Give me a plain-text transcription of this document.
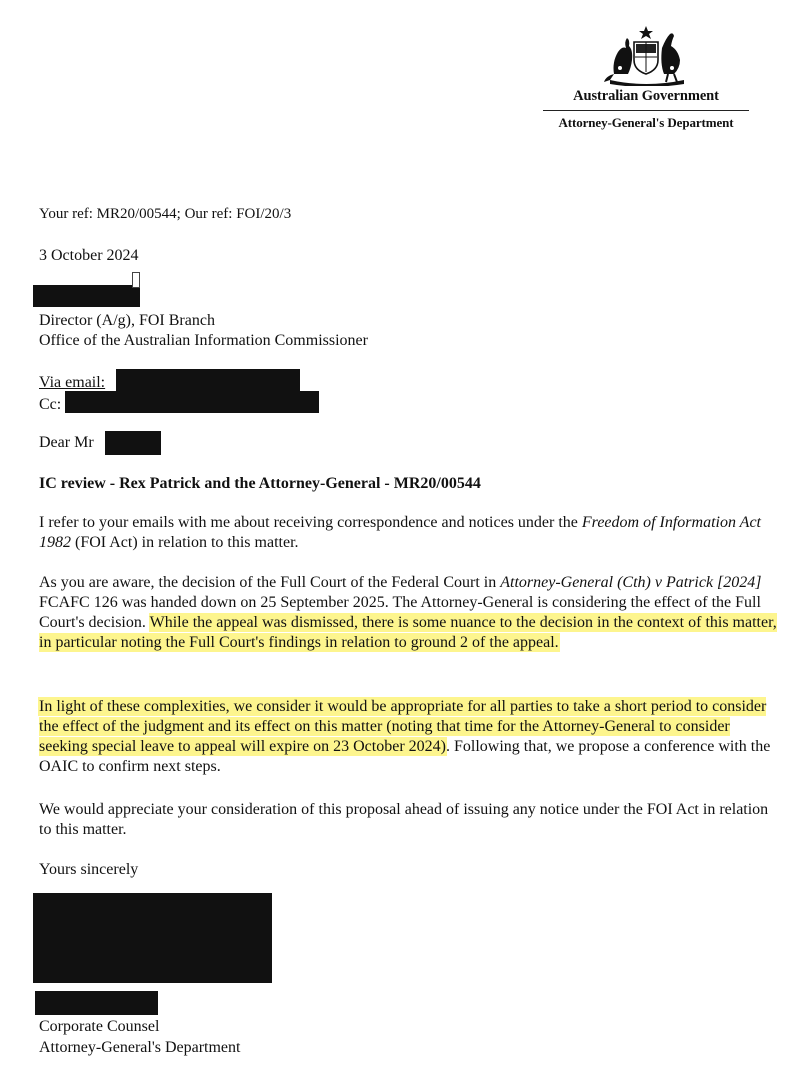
Australian Government
Attorney-General's Department
Your ref: MR20/00544; Our ref: FOI/20/3
3 October 2024
Director (A/g), FOI Branch
Office of the Australian Information Commissioner
Via email:
Cc:
Dear Mr
IC review - Rex Patrick and the Attorney-General - MR20/00544
I refer to your emails with me about receiving correspondence and notices under the Freedom of Information Act 1982 (FOI Act) in relation to this matter.
As you are aware, the decision of the Full Court of the Federal Court in Attorney-General (Cth) v Patrick [2024] FCAFC 126 was handed down on 25 September 2025. The Attorney-General is considering the effect of the Full Court's decision. While the appeal was dismissed, there is some nuance to the decision in the context of this matter, in particular noting the Full Court's findings in relation to ground 2 of the appeal.
In light of these complexities, we consider it would be appropriate for all parties to take a short period to consider the effect of the judgment and its effect on this matter (noting that time for the Attorney-General to consider seeking special leave to appeal will expire on 23 October 2024). Following that, we propose a conference with the OAIC to confirm next steps.
We would appreciate your consideration of this proposal ahead of issuing any notice under the FOI Act in relation to this matter.
Yours sincerely
Corporate Counsel
Attorney-General's Department
